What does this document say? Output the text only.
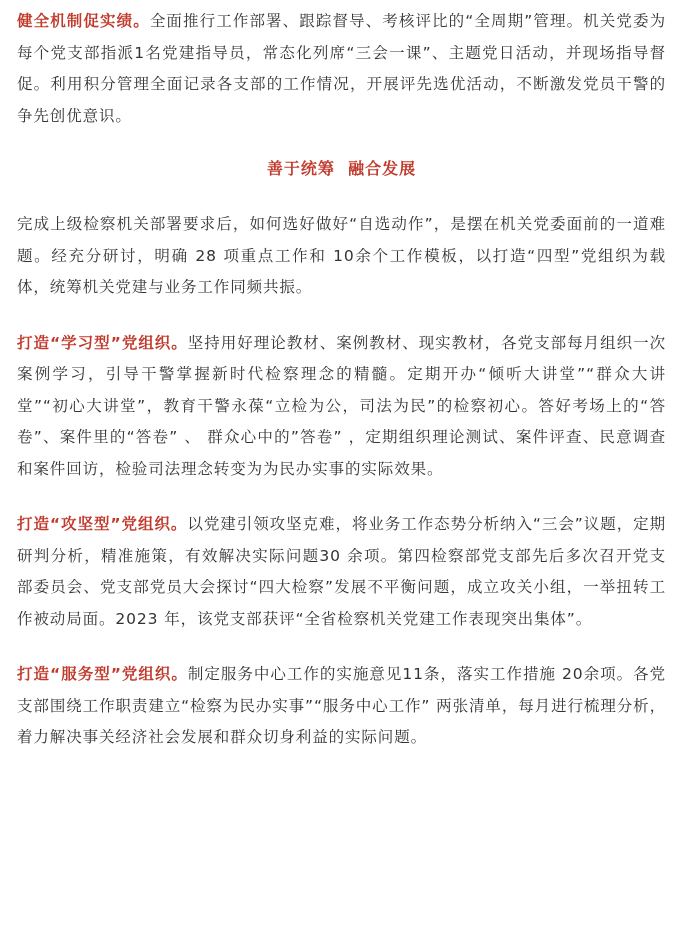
健全机制促实绩。全面推行工作部署、跟踪督导、考核评比的“全周期”管理。机关党委为每个党支部指派1名党建指导员，常态化列席“三会一课”、主题党日活动，并现场指导督促。利用积分管理全面记录各支部的工作情况，开展评先选优活动，不断激发党员干警的争先创优意识。

善于统筹  融合发展

完成上级检察机关部署要求后，如何选好做好“自选动作”，是摆在机关党委面前的一道难题。经充分研讨，明确 28 项重点工作和 10余个工作模板，以打造“四型”党组织为载体，统筹机关党建与业务工作同频共振。

打造“学习型”党组织。坚持用好理论教材、案例教材、现实教材，各党支部每月组织一次案例学习，引导干警掌握新时代检察理念的精髓。定期开办“倾听大讲堂”“群众大讲堂”“初心大讲堂”，教育干警永葆“立检为公，司法为民”的检察初心。答好考场上的“答卷”、案件里的“答卷” 、 群众心中的”答卷” ，定期组织理论测试、案件评查、民意调查和案件回访，检验司法理念转变为为民办实事的实际效果。

打造“攻坚型”党组织。以党建引领攻坚克难，将业务工作态势分析纳入“三会”议题，定期研判分析，精准施策，有效解决实际问题30 余项。第四检察部党支部先后多次召开党支部委员会、党支部党员大会探讨“四大检察”发展不平衡问题，成立攻关小组，一举扭转工作被动局面。2023 年，该党支部获评“全省检察机关党建工作表现突出集体”。

打造“服务型”党组织。制定服务中心工作的实施意见11条，落实工作措施 20余项。各党支部围绕工作职责建立“检察为民办实事”“服务中心工作” 两张清单，每月进行梳理分析，着力解决事关经济社会发展和群众切身利益的实际问题。
